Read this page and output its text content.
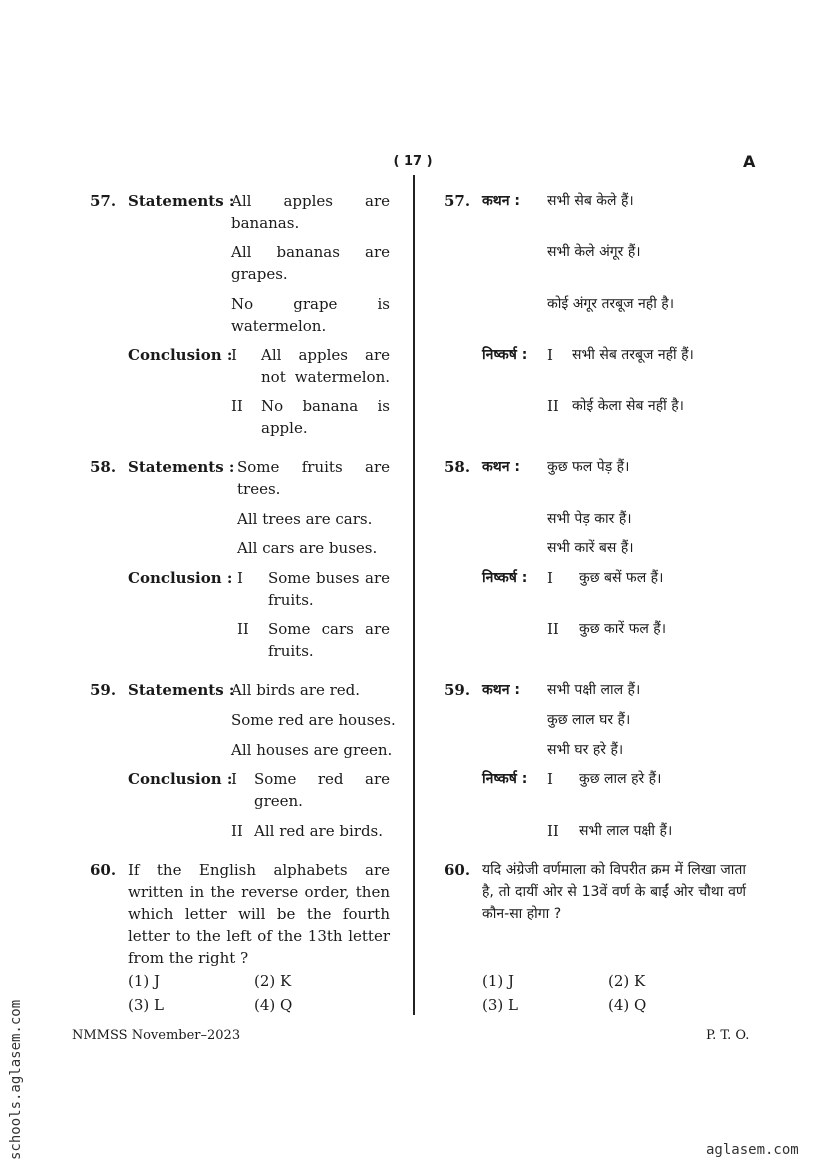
( 17 )	A
57. Statements :
All apples are bananas.
All bananas are grapes.
No grape is watermelon.
Conclusion :
I All apples are not watermelon.
II No banana is apple.
58. Statements : Some fruits are trees.
All trees are cars.
All cars are buses.
Conclusion : I Some buses are fruits.
II Some cars are fruits.
59. Statements :
All birds are red.
Some red are houses.
All houses are green.
Conclusion :
I Some red are green.
II All red are birds.
60. If the English alphabets are written in the reverse order, then which letter will be the fourth letter to the left of the 13th letter from the right ?
(1) J	(2) K
(3) L	(4) Q
57. कथन : सभी सेब केले हैं।
सभी केले अंगूर हैं।
कोई अंगूर तरबूज नही है।
निष्कर्ष : I सभी सेब तरबूज नहीं हैं।
II कोई केला सेब नहीं है।
58. कथन : कुछ फल पेड़ हैं।
सभी पेड़ कार हैं।
सभी कारें बस हैं।
निष्कर्ष : I कुछ बसें फल हैं।
II कुछ कारें फल हैं।
59. कथन : सभी पक्षी लाल हैं।
कुछ लाल घर हैं।
सभी घर हरे हैं।
निष्कर्ष : I कुछ लाल हरे हैं।
II सभी लाल पक्षी हैं।
60. यदि अंग्रेजी वर्णमाला को विपरीत क्रम में लिखा जाता है, तो दायीं ओर से 13वें वर्ण के बाईं ओर चौथा वर्ण कौन-सा होगा ?
(1) J	(2) K
(3) L	(4) Q
NMMSS November–2023	P. T. O.
schools.aglasem.com	aglasem.com
